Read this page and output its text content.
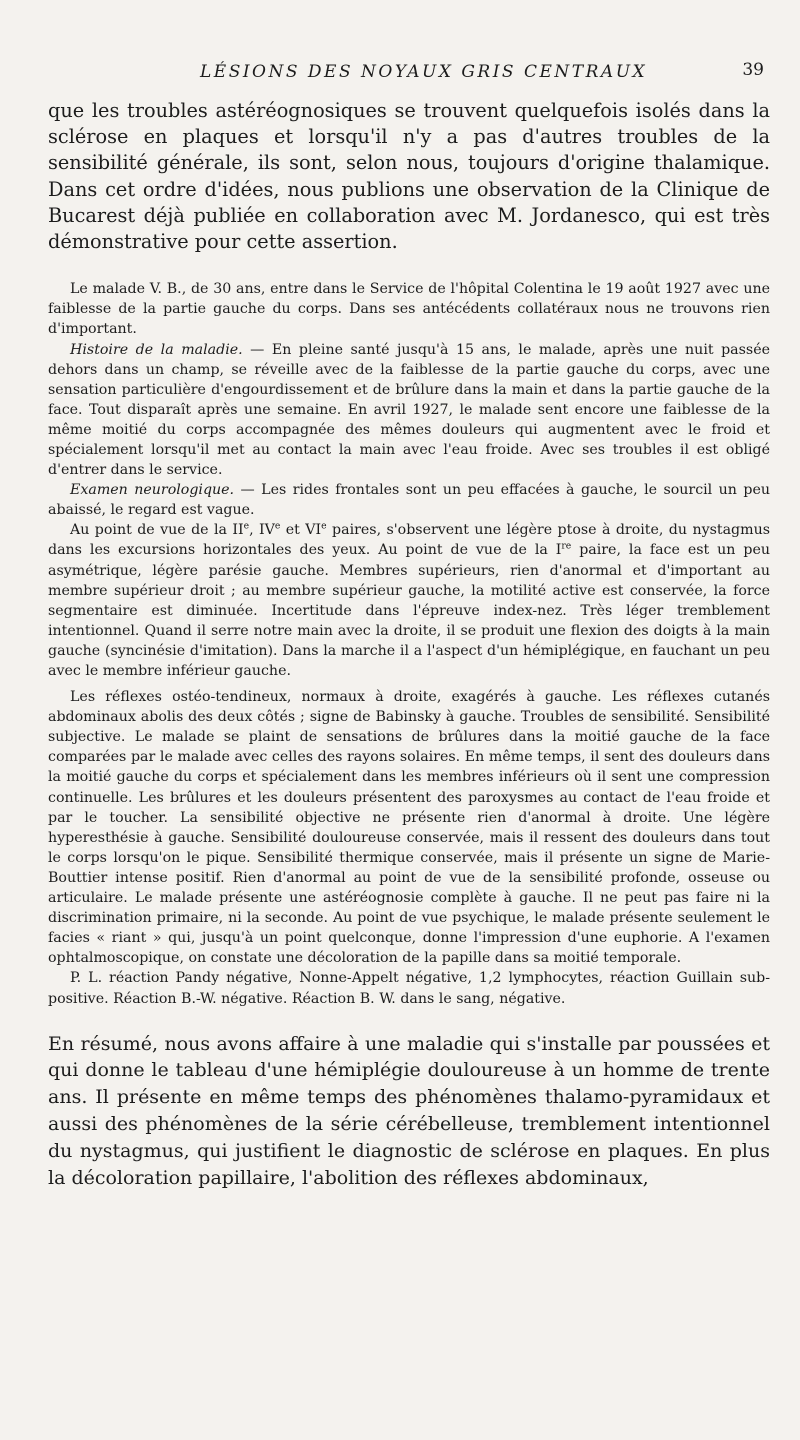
LÉSIONS DES NOYAUX GRIS CENTRAUX	39

que les troubles astéréognosiques se trouvent quelquefois isolés dans la sclérose en plaques et lorsqu'il n'y a pas d'autres troubles de la sensibilité générale, ils sont, selon nous, toujours d'origine thalamique. Dans cet ordre d'idées, nous publions une observation de la Clinique de Bucarest déjà publiée en collaboration avec M. Jordanesco, qui est très démonstrative pour cette assertion.

Le malade V. B., de 30 ans, entre dans le Service de l'hôpital Colentina le 19 août 1927 avec une faiblesse de la partie gauche du corps. Dans ses antécédents collatéraux nous ne trouvons rien d'important.

Histoire de la maladie. — En pleine santé jusqu'à 15 ans, le malade, après une nuit passée dehors dans un champ, se réveille avec de la faiblesse de la partie gauche du corps, avec une sensation particulière d'engourdissement et de brûlure dans la main et dans la partie gauche de la face. Tout disparaît après une semaine. En avril 1927, le malade sent encore une faiblesse de la même moitié du corps accompagnée des mêmes douleurs qui augmentent avec le froid et spécialement lorsqu'il met au contact la main avec l'eau froide. Avec ses troubles il est obligé d'entrer dans le service.

Examen neurologique. — Les rides frontales sont un peu effacées à gauche, le sourcil un peu abaissé, le regard est vague.

Au point de vue de la IIe, IVe et VIe paires, s'observent une légère ptose à droite, du nystagmus dans les excursions horizontales des yeux. Au point de vue de la Ire paire, la face est un peu asymétrique, légère parésie gauche. Membres supérieurs, rien d'anormal et d'important au membre supérieur droit ; au membre supérieur gauche, la motilité active est conservée, la force segmentaire est diminuée. Incertitude dans l'épreuve index-nez. Très léger tremblement intentionnel. Quand il serre notre main avec la droite, il se produit une flexion des doigts à la main gauche (syncinésie d'imitation). Dans la marche il a l'aspect d'un hémiplégique, en fauchant un peu avec le membre inférieur gauche.

Les réflexes ostéo-tendineux, normaux à droite, exagérés à gauche. Les réflexes cutanés abdominaux abolis des deux côtés ; signe de Babinsky à gauche. Troubles de sensibilité. Sensibilité subjective. Le malade se plaint de sensations de brûlures dans la moitié gauche de la face comparées par le malade avec celles des rayons solaires. En même temps, il sent des douleurs dans la moitié gauche du corps et spécialement dans les membres inférieurs où il sent une compression continuelle. Les brûlures et les douleurs présentent des paroxysmes au contact de l'eau froide et par le toucher. La sensibilité objective ne présente rien d'anormal à droite. Une légère hyperesthésie à gauche. Sensibilité douloureuse conservée, mais il ressent des douleurs dans tout le corps lorsqu'on le pique. Sensibilité thermique conservée, mais il présente un signe de Marie-Bouttier intense positif. Rien d'anormal au point de vue de la sensibilité profonde, osseuse ou articulaire. Le malade présente une astéréognosie complète à gauche. Il ne peut pas faire ni la discrimination primaire, ni la seconde. Au point de vue psychique, le malade présente seulement le facies « riant » qui, jusqu'à un point quelconque, donne l'impression d'une euphorie. A l'examen ophtalmoscopique, on constate une décoloration de la papille dans sa moitié temporale.

P. L. réaction Pandy négative, Nonne-Appelt négative, 1,2 lymphocytes, réaction Guillain sub-positive. Réaction B.-W. négative. Réaction B. W. dans le sang, négative.

En résumé, nous avons affaire à une maladie qui s'installe par poussées et qui donne le tableau d'une hémiplégie douloureuse à un homme de trente ans. Il présente en même temps des phénomènes thalamo-pyramidaux et aussi des phénomènes de la série cérébelleuse, tremblement intentionnel du nystagmus, qui justifient le diagnostic de sclérose en plaques. En plus la décoloration papillaire, l'abolition des réflexes abdominaux,
